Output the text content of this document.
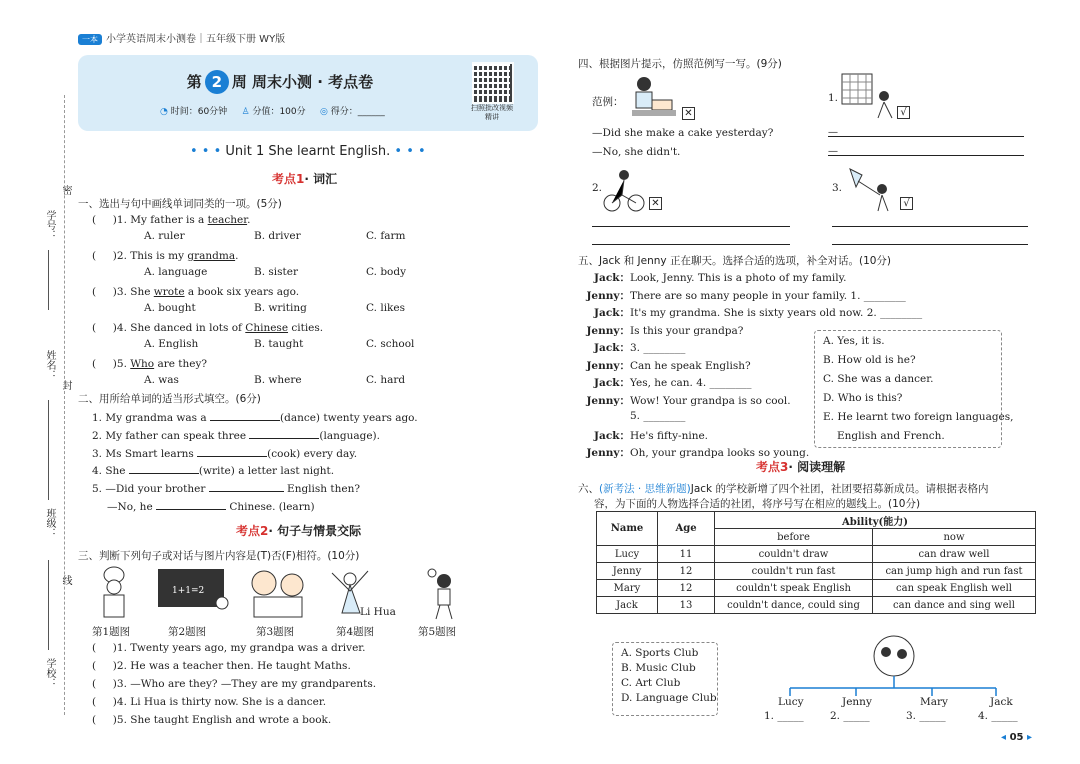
一本 小学英语周末小测卷｜五年级下册 WY版
第 2 周 周末小测 · 考点卷
◔ 时间：60分钟 ♙ 分值：100分 ◎ 得分：______	扫照批改视频精讲
密
学号：
姓名：
封
班级：
线
学校：
• • • Unit 1 She learnt English. • • •
考点1· 词汇
一、选出与句中画线单词同类的一项。(5分)
(     )1. My father is a teacher.
A. ruler	B. driver	C. farm
(     )2. This is my grandma.
A. language	B. sister	C. body
(     )3. She wrote a book six years ago.
A. bought	B. writing	C. likes
(     )4. She danced in lots of Chinese cities.
A. English	B. taught	C. school
(     )5. Who are they?
A. was	B. where	C. hard
二、用所给单词的适当形式填空。(6分)
1. My grandma was a	(dance) twenty years ago.
2. My father can speak three	(language).
3. Ms Smart learns	(cook) every day.
4. She	(write) a letter last night.
5. —Did your brother	English then?
—No, he	Chinese. (learn)
考点2· 句子与情景交际
三、判断下列句子或对话与图片内容是(T)否(F)相符。(10分)
1+1=2
Li Hua
第1题图	第2题图	第3题图	第4题图	第5题图
(     )1. Twenty years ago, my grandpa was a driver.
(     )2. He was a teacher then. He taught Maths.
(     )3. —Who are they? —They are my grandparents.
(     )4. Li Hua is thirty now. She is a dancer.
(     )5. She taught English and wrote a book.
四、根据图片提示，仿照范例写一写。(9分)
范例：
✕
—Did she make a cake yesterday?
—No, she didn't.
1.
√
—
—
2.
✕
3.
√
五、Jack 和 Jenny 正在聊天。选择合适的选项，补全对话。(10分)
Jack：Look, Jenny. This is a photo of my family.
Jenny：There are so many people in your family. 1. ________
Jack：It's my grandma. She is sixty years old now. 2. ________
Jenny：Is this your grandpa?
Jack：3. ________
Jenny：Can he speak English?
Jack：Yes, he can. 4. ________
Jenny：Wow! Your grandpa is so cool.
5. ________
Jack：He's fifty-nine.
Jenny：Oh, your grandpa looks so young.
A. Yes, it is.
B. How old is he?
C. She was a dancer.
D. Who is this?
E. He learnt two foreign languages,
English and French.
考点3· 阅读理解
六、(新考法 · 思维新题)Jack 的学校新增了四个社团，社团要招募新成员。请根据表格内
容，为下面的人物选择合适的社团，将序号写在相应的题线上。(10分)
Name	Age	Ability(能力)	
		before	now
Lucy	11	couldn't draw	can draw well
Jenny	12	couldn't run fast	can jump high and run fast
Mary	12	couldn't speak English	can speak English well
Jack	13	couldn't dance, could sing	can dance and sing well
A. Sports Club
B. Music Club
C. Art Club
D. Language Club	Lucy	Jenny	Mary	Jack
1. _____	2. _____	3. _____	4. _____
◂ 05 ▸
